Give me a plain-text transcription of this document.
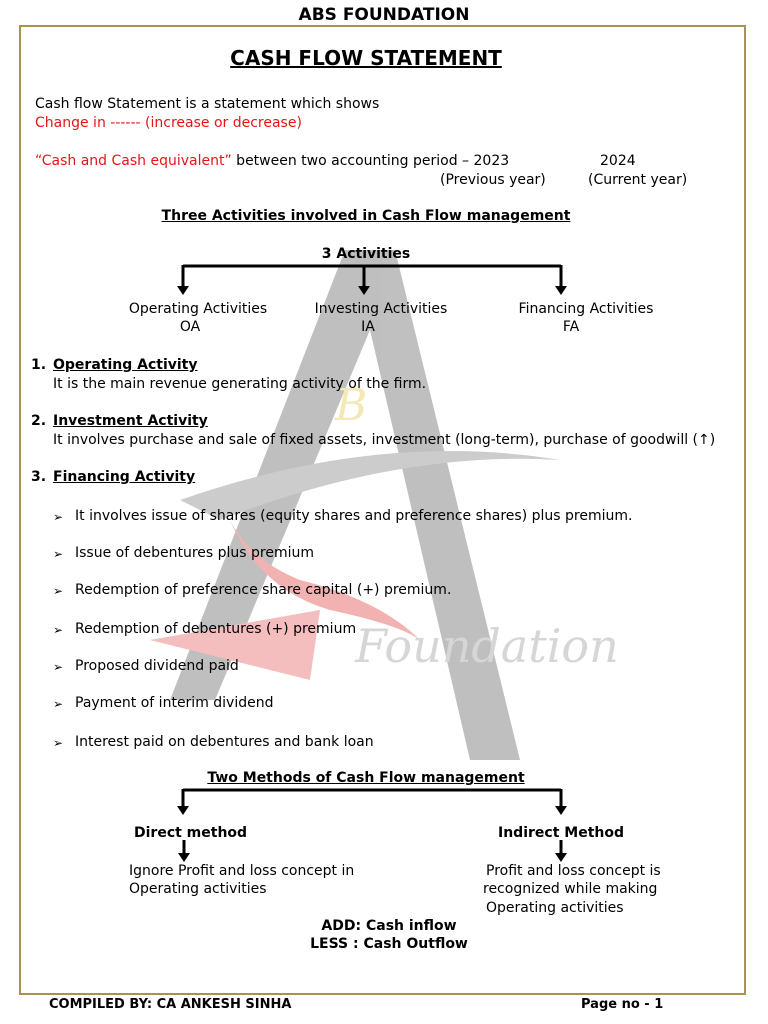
B
Foundation
ABS FOUNDATION
CASH FLOW STATEMENT
Cash flow Statement is a statement which shows
Change in ------ (increase or decrease)
“Cash and Cash equivalent” between two accounting period – 2023	2024
(Previous year)	(Current year)
Three Activities involved in Cash Flow management
3 Activities
Operating Activities
OA
Investing Activities
IA
Financing Activities
FA
1. Operating Activity
It is the main revenue generating activity of the firm.
2. Investment Activity
It involves purchase and sale of fixed assets, investment (long-term), purchase of goodwill (↑)
3. Financing Activity
➢ It involves issue of shares (equity shares and preference shares) plus premium.
➢ Issue of debentures plus premium
➢ Redemption of preference share capital (+) premium.
➢ Redemption of debentures (+) premium
➢ Proposed dividend paid
➢ Payment of interim dividend
➢ Interest paid on debentures and bank loan
Two Methods of Cash Flow management
Direct method	Indirect Method
Ignore Profit and loss concept in
Operating activities
Profit and loss concept is
recognized while making
Operating activities
ADD: Cash inflow
LESS : Cash Outflow
COMPILED BY: CA ANKESH SINHA	Page no - 1
